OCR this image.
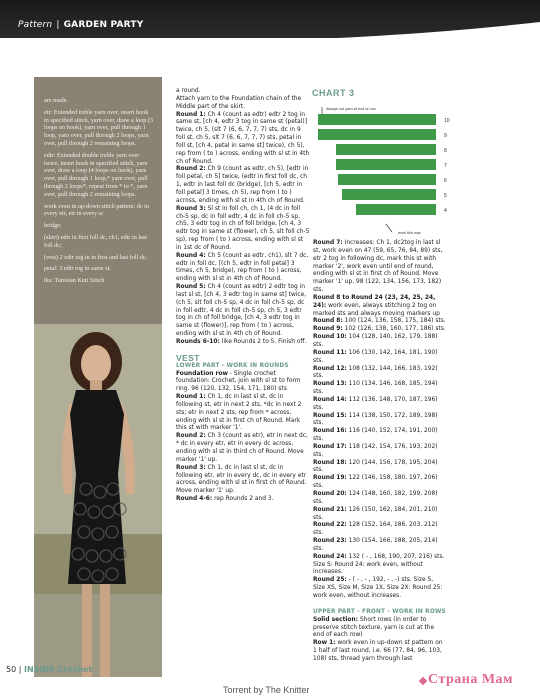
Pattern | GARDEN PARTY

are made.

etr: Extended treble yarn over, insert hook in specified stitch, yarn over, draw a loop (3 loops on hook), yarn over, pull through 1 loop, yarn over, pull through 2 loops, yarn over, pull through 2 remaining loops.

edtr: Extended double treble yarn over twice, insert hook in specified stitch, yarn over, draw a loop (4 loops on hook), yarn over, pull through 1 loop,* yarn over, pull through 2 loops*, repeat from * to *, yarn over, pull through 2 remaining loops.

work even in up-down stitch pattern: dc in every etr, etr in every sc

bridge:

(skirt) edtr in first foll dc, ch1, edtr in last foll dc;

(vest) 2 edtr tog in in first and last foll dc.

petal: 3 edtr tog in same st.

tks: Tunisian Knit Stitch

a round.

Attach yarn to the Foundation chain of the Middle part of the skirt.

Round 1: Ch 4 (count as edtr) edtr 2 tog in same st, [ch 4, edtr 3 tog in same st (petal)] twice, ch 5, (slt 7 (6, 6, 7, 7, 7) sts, dc in 9 foll st, ch 5, slt 7 (6, 6, 7, 7, 7) sts, petal in foll st, [ch 4, petal in same st] twice), ch 5), rep from ( to ) across, ending with sl st in 4th ch of Round.

Round 2: Ch 9 (count as edtr, ch 5), [edtr in foll petal, ch 5] twice, (edtr in first foll dc, ch 1, edtr in last foll dc (bridge), [ch 5, edtr in foll petal] 3 times, ch 5), rep from ( to ) across, ending with sl st in 4th ch of Round.

Round 3: Sl st in foll ch, ch 1, (4 dc in foll ch-5 sp, dc in foll edtr, 4 dc in foll ch-5 sp, ch5, 3 edtr tog in ch of foll bridge, [ch 4, 3 edtr tog in same st (flower), ch 5, slt foll ch-5 sp), rep from ( to ) across, ending with sl st in 1st dc of Round.

Round 4: Ch 5 (count as edtr, ch1), slt 7 dc, edtr in foll dc, [(ch 5, edtr in foll petal] 3 times, ch 5, bridge), rep from ( to ) across, ending with sl st in 4th ch of Round.

Round 5: Ch 4 (count as edtr) 2 edtr tog in last sl st, [ch 4, 3 edtr tog in same st] twice, (ch 5, slt foll ch-5 sp, 4 dc in foll ch-5 sp, dc in foll edtr, 4 dc in foll ch-5 sp, ch 5, 3 edtr tog in ch of foll bridge, [ch 4, 3 edtr tog in same st (flower)], rep from ( to ) across, ending with sl st in 4th ch of Round.

Rounds 6-10: like Rounds 2 to 5. Finish off.

VEST
LOWER PART - WORK IN ROUNDS

Foundation row - Single crochet foundation: Crochet, join with sl st to form ring. 96 (120, 132, 154, 171, 180) sts

Round 1: Ch 1, dc in last sl st, dc in following st, etr in next 2 sts, *dc in next 2 sts; etr in next 2 sts, rep from * across, ending with sl st in first ch of Round. Mark this st with marker '1'.

Round 2: Ch 3 (count as etr), etr in next dc, * dc in every etr, etr in every dc across, ending with sl st in third ch of Round. Move marker '1' up.

Round 3: Ch 1, dc in last sl st, dc in following etr, etr in every dc, dc in every etr across, ending with sl st in first ch of Round. Move marker '1' up.

Round 4-6: rep Rounds 2 and 3.

CHART 3
Always cut yarn at end of row
work this way
10
9
8
7
6
5
4

Round 7: Increases: Ch 1, dc2tog in last sl st, work even on 47 (59, 65, 76, 84, 89) sts, etr 2 tog in following dc, mark this st with marker '2', work even until end of round, ending with sl st in first ch of Round. Move marker '1' up. 98 (122, 134, 156, 173, 182) sts.

Round 8 to Round 24 (23, 24, 25, 24, 24): work even, always stitching 2 tog on marked sts and always moving markers up

Round 8: 100 (124, 136, 158, 175, 184) sts.

Round 9: 102 (126, 138, 160, 177, 186) sts.

Round 10: 104 (128, 140, 162, 179, 188) sts.

Round 11: 106 (130, 142, 164, 181, 190) sts.

Round 12: 108 (132, 144, 166, 183, 192) sts.

Round 13: 110 (134, 146, 168, 185, 194) sts.

Round 14: 112 (136, 148, 170, 187, 196) sts.

Round 15: 114 (138, 150, 172, 189, 198) sts.

Round 16: 116 (140, 152, 174, 191, 200) sts.

Round 17: 118 (142, 154, 176, 193, 202) sts.

Round 18: 120 (144, 156, 178, 195, 204) sts.

Round 19: 122 (146, 158, 180, 197, 206) sts.

Round 20: 124 (148, 160, 182, 199, 208) sts.

Round 21: 126 (150, 162, 184, 201, 210) sts.

Round 22: 128 (152, 164, 186, 203, 212) sts.

Round 23: 130 (154, 166, 188, 205, 214) sts.

Round 24: 132 ( - , 168, 190, 207, 216) sts.

Size S: Round 24: work even, without increases.

Round 25: - ( - , - , 192, - , -) sts. Size S, Size XS, Size M, Size 1X, Size 2X: Round 25: work even, without increases.

UPPER PART - FRONT - WORK IN ROWS

Solid section: Short rows (in order to preserve stitch texture, yarn is cut at the end of each row)

Row 1: work even in up-down st pattern on 1 half of last round, i.e. 66 (77, 84, 96, 103, 108) sts, thread yarn through last

50 | INSIDE Crochet
Torrent by The Knitter
Страна Мам
